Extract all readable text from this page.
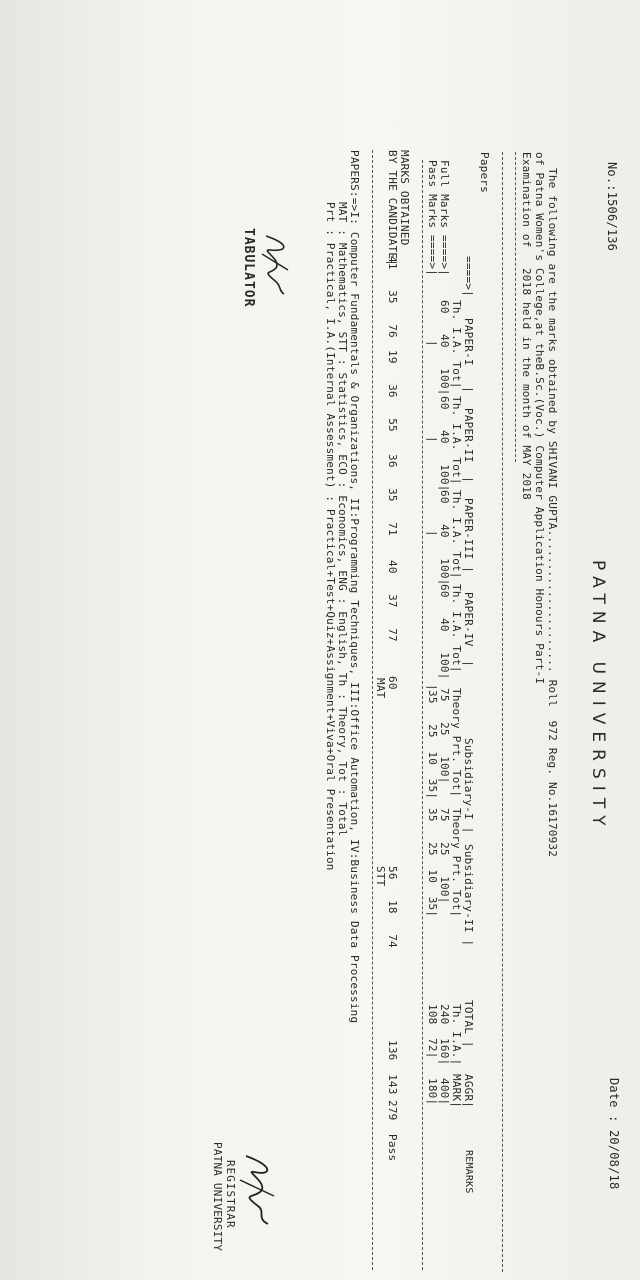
No.:1506/136
PATNA UNIVERSITY
Date : 20/08/18
The following are the marks obtained by SHIVANI GUPTA..................... Roll  972 Reg. No.16170932
of Patna Women's College,at theB.Sc.(Voc.) Computer Application Honours Part-I
Examination of   2018 held in the month of MAY 2018
Papers
====>|
PAPER-I   |
PAPER-II  |
PAPER-III |
PAPER-IV  |
Subsidiary-I |
Subsidiary-II |
TOTAL |
AGGR|
REMARKS
Th. I.A. Tot|
Th. I.A. Tot|
Th. I.A. Tot|
Th. I.A. Tot|
Theory Prt. Tot|
Theory Prt. Tot|
Th. I.A.|
MARK|
Full Marks ====>|
60   40   100|
60   40   100|
60   40   100|
60   40   100|
75   25   100|
75   25   100|
240  160|
400|
Pass Marks ====>|
|
|
|
|
35   25  10  35|
35   25  10  35|
108  72|
180|
MARKS OBTAINED
BY THE CANDIDATE|
41   35   76
19   36   55
36   35   71
40   37   77
60
MAT
56   18   74
STT
136  143
279
Pass
PAPERS:=>I: Computer Fundamentals & Organizations, II:Programming Techniques, III:Office Automation, IV:Business Data Processing
MAT : Mathematics, STT : Statistics, ECO : Economics, ENG : English, Th : Theory, Tot : Total
Prt : Practical, I.A.(Internal Assessment) : Practical+Test+Quiz+Assignment+Viva+Oral Presentation
TABULATOR
REGISTRAR
PATNA UNIVERSITY
